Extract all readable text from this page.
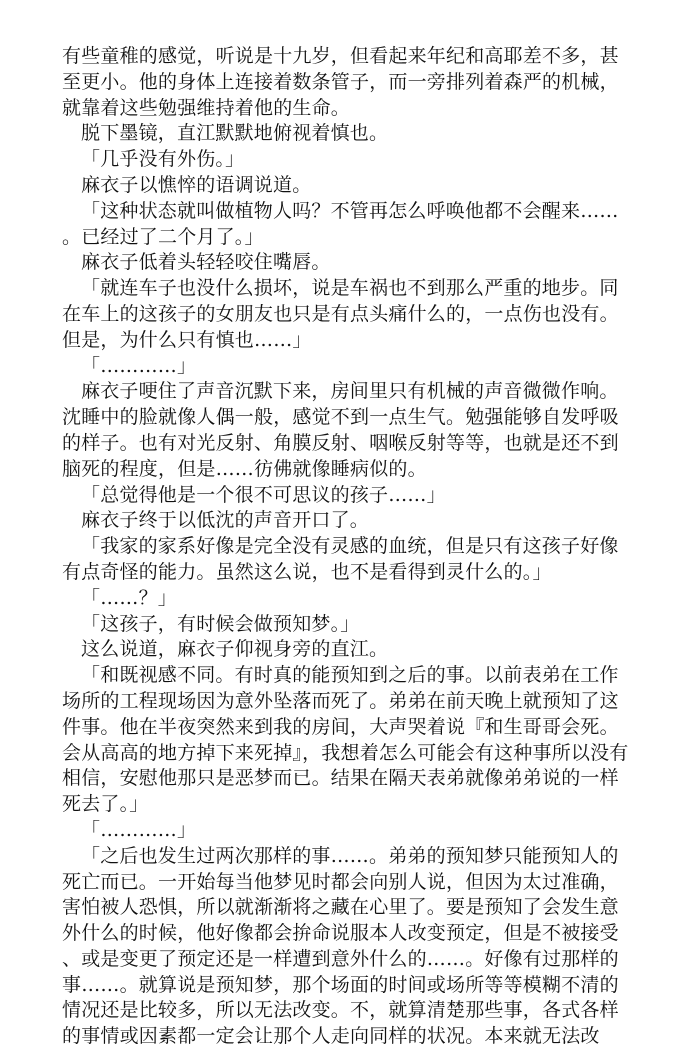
有些童稚的感觉，听说是十九岁，但看起来年纪和高耶差不多，甚至更小。他的身体上连接着数条管子，而一旁排列着森严的机械，就靠着这些勉强维持着他的生命。

脱下墨镜，直江默默地俯视着慎也。

「几乎没有外伤。」

麻衣子以憔悴的语调说道。

「这种状态就叫做植物人吗？不管再怎么呼唤他都不会醒来……。已经过了二个月了。」

麻衣子低着头轻轻咬住嘴唇。

「就连车子也没什么损坏，说是车祸也不到那么严重的地步。同在车上的这孩子的女朋友也只是有点头痛什么的，一点伤也没有。但是，为什么只有慎也……」

「…………」

麻衣子哽住了声音沉默下来，房间里只有机械的声音微微作响。沈睡中的脸就像人偶一般，感觉不到一点生气。勉强能够自发呼吸的样子。也有对光反射、角膜反射、咽喉反射等等，也就是还不到脑死的程度，但是……彷佛就像睡病似的。

「总觉得他是一个很不可思议的孩子……」

麻衣子终于以低沈的声音开口了。

「我家的家系好像是完全没有灵感的血统，但是只有这孩子好像有点奇怪的能力。虽然这么说，也不是看得到灵什么的。」

「……？」

「这孩子，有时候会做预知梦。」

这么说道，麻衣子仰视身旁的直江。

「和既视感不同。有时真的能预知到之后的事。以前表弟在工作场所的工程现场因为意外坠落而死了。弟弟在前天晚上就预知了这件事。他在半夜突然来到我的房间，大声哭着说『和生哥哥会死。会从高高的地方掉下来死掉』，我想着怎么可能会有这种事所以没有相信，安慰他那只是恶梦而已。结果在隔天表弟就像弟弟说的一样死去了。」

「…………」

「之后也发生过两次那样的事……。弟弟的预知梦只能预知人的死亡而已。一开始每当他梦见时都会向别人说，但因为太过准确，害怕被人恐惧，所以就渐渐将之藏在心里了。要是预知了会发生意外什么的时候，他好像都会拚命说服本人改变预定，但是不被接受、或是变更了预定还是一样遭到意外什么的……。好像有过那样的事……。就算说是预知梦，那个场面的时间或场所等等模糊不清的情况还是比较多，所以无法改变。不，就算清楚那些事，各式各样的事情或因素都一定会让那个人走向同样的状况。本来就无法改
